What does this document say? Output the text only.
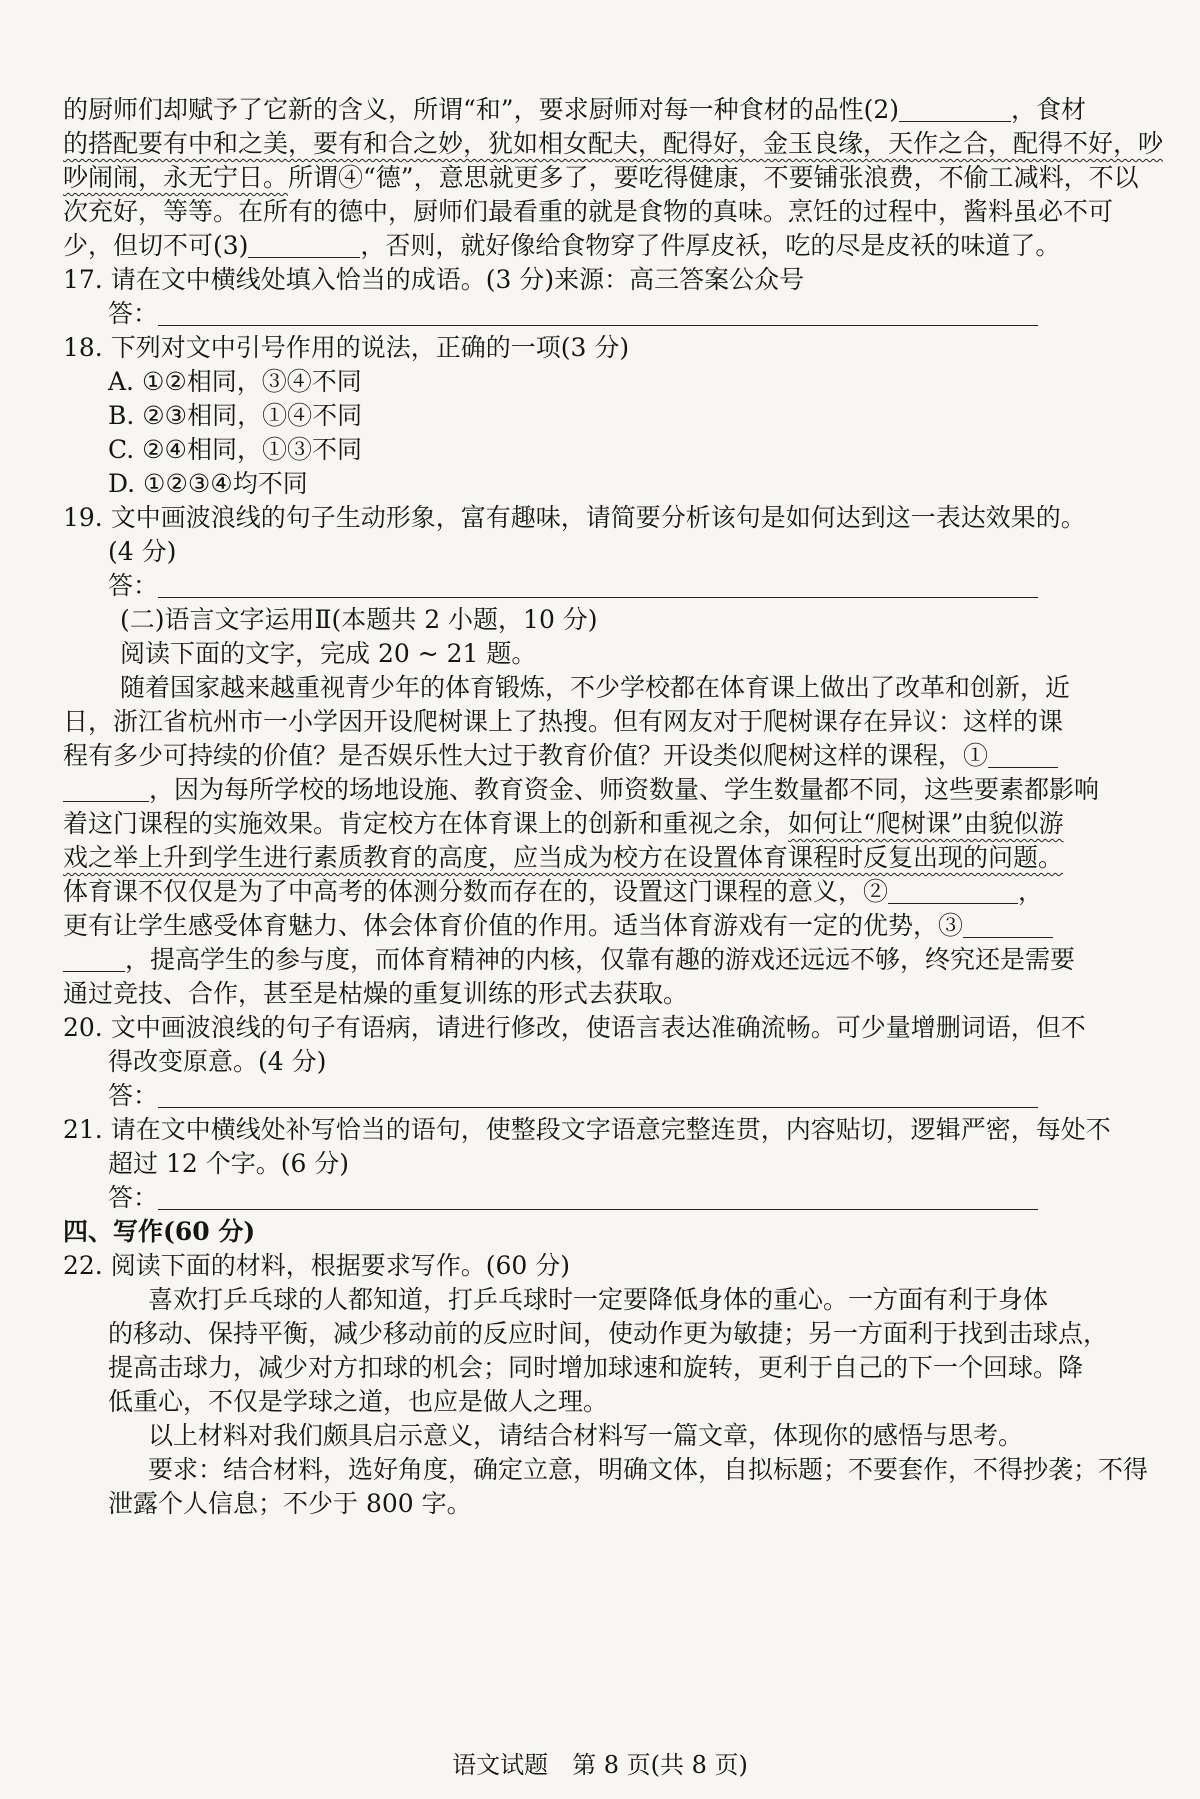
的厨师们却赋予了它新的含义，所谓“和”，要求厨师对每一种食材的品性(2)	，食材
的搭配要有中和之美，要有和合之妙，犹如相女配夫，配得好，金玉良缘，天作之合，配得不好，吵
吵闹闹，永无宁日。所谓④“德”，意思就更多了，要吃得健康，不要铺张浪费，不偷工减料，不以
次充好，等等。在所有的德中，厨师们最看重的就是食物的真味。烹饪的过程中，酱料虽必不可
少，但切不可(3)	，否则，就好像给食物穿了件厚皮袄，吃的尽是皮袄的味道了。
17. 请在文中横线处填入恰当的成语。(3 分)来源：高三答案公众号
答：
18. 下列对文中引号作用的说法，正确的一项(3 分)
A. ①②相同，③④不同
B. ②③相同，①④不同
C. ②④相同，①③不同
D. ①②③④均不同
19. 文中画波浪线的句子生动形象，富有趣味，请简要分析该句是如何达到这一表达效果的。
(4 分)
答：
(二)语言文字运用Ⅱ(本题共 2 小题，10 分)
阅读下面的文字，完成 20 ~ 21 题。
随着国家越来越重视青少年的体育锻炼，不少学校都在体育课上做出了改革和创新，近
日，浙江省杭州市一小学因开设爬树课上了热搜。但有网友对于爬树课存在异议：这样的课
程有多少可持续的价值？是否娱乐性大过于教育价值？开设类似爬树这样的课程，①
，因为每所学校的场地设施、教育资金、师资数量、学生数量都不同，这些要素都影响
着这门课程的实施效果。肯定校方在体育课上的创新和重视之余，如何让“爬树课”由貌似游
戏之举上升到学生进行素质教育的高度，应当成为校方在设置体育课程时反复出现的问题。
体育课不仅仅是为了中高考的体测分数而存在的，设置这门课程的意义，②	，
更有让学生感受体育魅力、体会体育价值的作用。适当体育游戏有一定的优势，③
，提高学生的参与度，而体育精神的内核，仅靠有趣的游戏还远远不够，终究还是需要
通过竞技、合作，甚至是枯燥的重复训练的形式去获取。
20. 文中画波浪线的句子有语病，请进行修改，使语言表达准确流畅。可少量增删词语，但不
得改变原意。(4 分)
答：
21. 请在文中横线处补写恰当的语句，使整段文字语意完整连贯，内容贴切，逻辑严密，每处不
超过 12 个字。(6 分)
答：
四、写作(60 分)
22. 阅读下面的材料，根据要求写作。(60 分)
喜欢打乒乓球的人都知道，打乒乓球时一定要降低身体的重心。一方面有利于身体
的移动、保持平衡，减少移动前的反应时间，使动作更为敏捷；另一方面利于找到击球点，
提高击球力，减少对方扣球的机会；同时增加球速和旋转，更利于自己的下一个回球。降
低重心，不仅是学球之道，也应是做人之理。
以上材料对我们颇具启示意义，请结合材料写一篇文章，体现你的感悟与思考。
要求：结合材料，选好角度，确定立意，明确文体，自拟标题；不要套作，不得抄袭；不得
泄露个人信息；不少于 800 字。
语文试题　第 8 页(共 8 页)
